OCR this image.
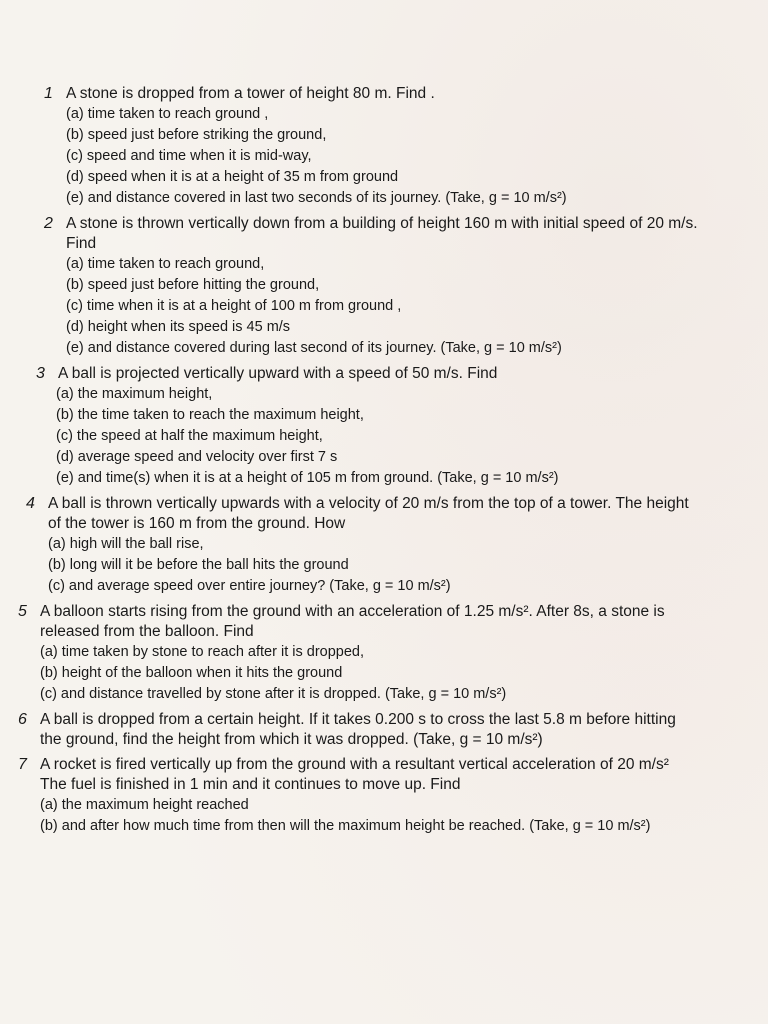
1 A stone is dropped from a tower of height 80 m. Find .
(a) time taken to reach ground ,
(b) speed just before striking the ground,
(c) speed and time when it is mid-way,
(d) speed when it is at a height of 35 m from ground
(e) and distance covered in last two seconds of its journey. (Take, g = 10 m/s²)
2 A stone is thrown vertically down from a building of height 160 m with initial speed of 20 m/s.
Find
(a) time taken to reach ground,
(b) speed just before hitting the ground,
(c) time when it is at a height of 100 m from ground ,
(d) height when its speed is 45 m/s
(e) and distance covered during last second of its journey. (Take, g = 10 m/s²)
3 A ball is projected vertically upward with a speed of 50 m/s. Find
(a) the maximum height,
(b) the time taken to reach the maximum height,
(c) the speed at half the maximum height,
(d) average speed and velocity over first 7 s
(e) and time(s) when it is at a height of 105 m from ground. (Take, g = 10 m/s²)
4 A ball is thrown vertically upwards with a velocity of 20 m/s from the top of a tower. The height
of the tower is 160 m from the ground. How
(a) high will the ball rise,
(b) long will it be before the ball hits the ground
(c) and average speed over entire journey? (Take, g = 10 m/s²)
5 A balloon starts rising from the ground with an acceleration of 1.25 m/s². After 8s, a stone is
released from the balloon. Find
(a) time taken by stone to reach after it is dropped,
(b) height of the balloon when it hits the ground
(c) and distance travelled by stone after it is dropped. (Take, g = 10 m/s²)
6 A ball is dropped from a certain height. If it takes 0.200 s to cross the last 5.8 m before hitting
the ground, find the height from which it was dropped. (Take, g = 10 m/s²)
7 A rocket is fired vertically up from the ground with a resultant vertical acceleration of 20 m/s²
The fuel is finished in 1 min and it continues to move up. Find
(a) the maximum height reached
(b) and after how much time from then will the maximum height be reached. (Take, g = 10 m/s²)
